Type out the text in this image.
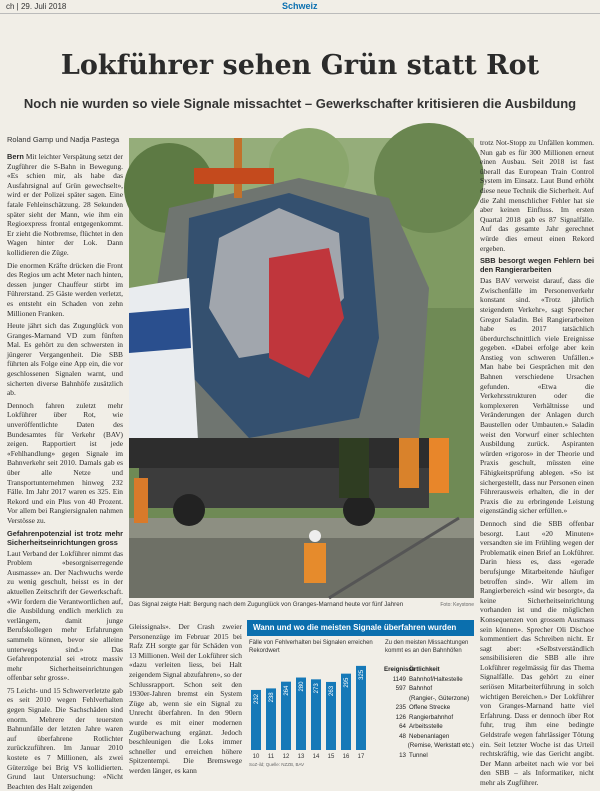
ch | 29. Juli 2018	Schweiz
Lokführer sehen Grün statt Rot
Noch nie wurden so viele Signale missachtet – Gewerkschafter kritisieren die Ausbildung
Roland Gamp und Nadja Pastega

Bern Mit leichter Verspätung setzt der Zugführer die S-Bahn in Bewegung. «Es schien mir, als habe das Ausfahrsignal auf Grün gewechselt», wird er der Polizei später sagen. Eine fatale Fehleinschätzung. 28 Sekunden später sieht der Mann, wie ihm ein Regioexpress frontal entgegenkommt. Er zieht die Notbremse, flüchtet in den Wagen hinter der Lok. Dann kollidieren die Züge.

Die enormen Kräfte drücken die Front des Regios um acht Meter nach hinten, dessen junger Chauffeur stirbt im Führerstand. 25 Gäste werden verletzt, es entsteht ein Schaden von zehn Millionen Franken.

Heute jährt sich das Zugunglück von Granges-Marnand VD zum fünften Mal. Es gehört zu den schwersten in jüngerer Vergangenheit. Die SBB führten als Folge eine App ein, die vor geschlossenen Signalen warnt, und sicherten diverse Bahnhöfe zusätzlich ab.

Dennoch fahren zuletzt mehr Lokführer über Rot, wie unveröffentlichte Daten des Bundesamtes für Verkehr (BAV) zeigen. Rapportiert ist jede «Fehlhandlung» gegen Signale im Bahnverkehr seit 2010. Damals gab es über alle Netze und Transportunternehmen hinweg 232 Fälle. Im Jahr 2017 waren es 325. Ein Rekord und ein Plus von 40 Prozent. Vor allem bei Rangiersignalen nahmen Verstösse zu.

Gefahrenpotenzial ist trotz mehr Sicherheitseinrichtungen gross

Laut Verband der Lokführer nimmt das Problem «besorgniserregende Ausmasse» an. Der Nachwuchs werde zu wenig geschult, heisst es in der aktuellen Zeitschrift der Gewerkschaft. «Wir fordern die Verantwortlichen auf, die Ausbildung endlich merklich zu verlängern, damit junge Berufskollegen mehr Erfahrungen sammeln können, bevor sie alleine unterwegs sind.» Das Gefahrenpotenzial sei «trotz massiv mehr Sicherheitseinrichtungen offenbar sehr gross».

75 Leicht- und 15 Schwerverletzte gab es seit 2010 wegen Fehlverhalten gegen Signale. Die Sachschäden sind enorm. Mehrere der teuersten Bahnunfälle der letzten Jahre waren auf überfahrene Rotlichter zurückzuführen. Im Januar 2010 kostete es 7 Millionen, als zwei Güterzüge bei Brig VS kollidierten. Grund laut Untersuchung: «Nicht Beachten des Halt zeigenden

Das Signal zeigte Halt: Bergung nach dem Zugunglück von Granges-Marnand heute vor fünf Jahren	Foto: Keystone

Gleissignals». Der Crash zweier Personenzüge im Februar 2015 bei Rafz ZH sorgte gar für Schäden von 13 Millionen. Weil der Lokführer sich «dazu verleiten liess, bei Halt zeigendem Signal abzufahren», so der Schlussrapport. Schon seit den 1930er-Jahren bremst ein System Züge ab, wenn sie ein Signal zu Unrecht überfahren. In den 90ern wurde es mit einer modernen Zugüberwachung ergänzt. Jedoch beschleunigen die Loks immer schneller und erreichen höhere Spitzentempi. Die Bremswege werden länger, es kann

trotz Not-Stopp zu Unfällen kommen. Nun gab es für 300 Millionen erneut einen Ausbau. Seit 2018 ist fast überall das European Train Control System im Einsatz. Laut Bund erhöht diese neue Technik die Sicherheit. Auf die Zahl menschlicher Fehler hat sie aber keinen Einfluss. Im ersten Quartal 2018 gab es 87 Signalfälle. Auf das gesamte Jahr gerechnet würde dies erneut einen Rekord ergeben.

SBB besorgt wegen Fehlern bei den Rangierarbeiten

Das BAV verweist darauf, dass die Zwischenfälle im Personenverkehr konstant sind. «Trotz jährlich steigendem Verkehr», sagt Sprecher Gregor Saladin. Bei Rangierarbeiten habe es 2017 tatsächlich überdurchschnittlich viele Ereignisse gegeben. «Dabei erfolge aber kein Anstieg von schweren Unfällen.» Man habe bei Gesprächen mit den Bahnen verschiedene Ursachen gefunden. «Etwa die Verkehrsstrukturen oder die komplexeren Verhältnisse und Veränderungen der Anlagen durch Baustellen oder Umbauten.» Saladin weist den Vorwurf einer schlechten Ausbildung zurück. Aspiranten würden «rigoros» in der Theorie und Praxis geschult, müssten eine Fähigkeitsprüfung ablegen. «So ist sichergestellt, dass nur Personen einen Führerausweis erhalten, die in der Praxis die zu erbringende Leistung eigenständig sicher erfüllen.»

Dennoch sind die SBB offenbar besorgt. Laut «20 Minuten» versandten sie im Frühling wegen der Problematik einen Brief an Lokführer. Darin hiess es, dass «gerade berufsjunge Mitarbeitende häufiger betroffen sind». Wir allem im Rangierbereich «sind wir besorgt», da keine Sicherheitseinrichtung vorhanden ist und die möglichen Konsequenzen von grossem Ausmass sein können». Sprecher Oli Dischoe kommentiert das Schreiben nicht. Er sagt aber: «Selbstverständlich sensibilisieren die SBB alle ihre Lokführer regelmässig für das Thema Signalfälle. Das gehört zu einer seriösen Mitarbeiterführung in solch wichtigen Bereichen.» Der Lokführer von Granges-Marnand hatte viel Erfahrung. Dass er dennoch über Rot fuhr, trug ihm eine bedingte Geldstrafe wegen fahrlässiger Tötung ein. Seit letzter Woche ist das Urteil rechtskräftig, wie das Gericht angibt. Der Mann arbeitet nach wie vor bei den SBB – als Informatiker, nicht mehr als Zugführer.

Wann und wo die meisten Signale überfahren wurden
Fälle von Fehlverhalten bei Signalen erreichen Rekordwert
232
10
238
11
264
12
280
13
273
14
263
15
295
16
325
17
SoZ-ild; Quelle: NZZB, BAV
Zu den meisten Missachtungen kommt es an den Bahnhöfen
Ereignisse
Örtlichkeit
1149 Bahnhof/Haltestelle
597 Bahnhof
(Rangier-, Güterzone)
235 Offene Strecke
126 Rangierbahnhof
64 Arbeitsstelle
48 Nebenanlagen
(Remise, Werkstatt etc.)
13 Tunnel
